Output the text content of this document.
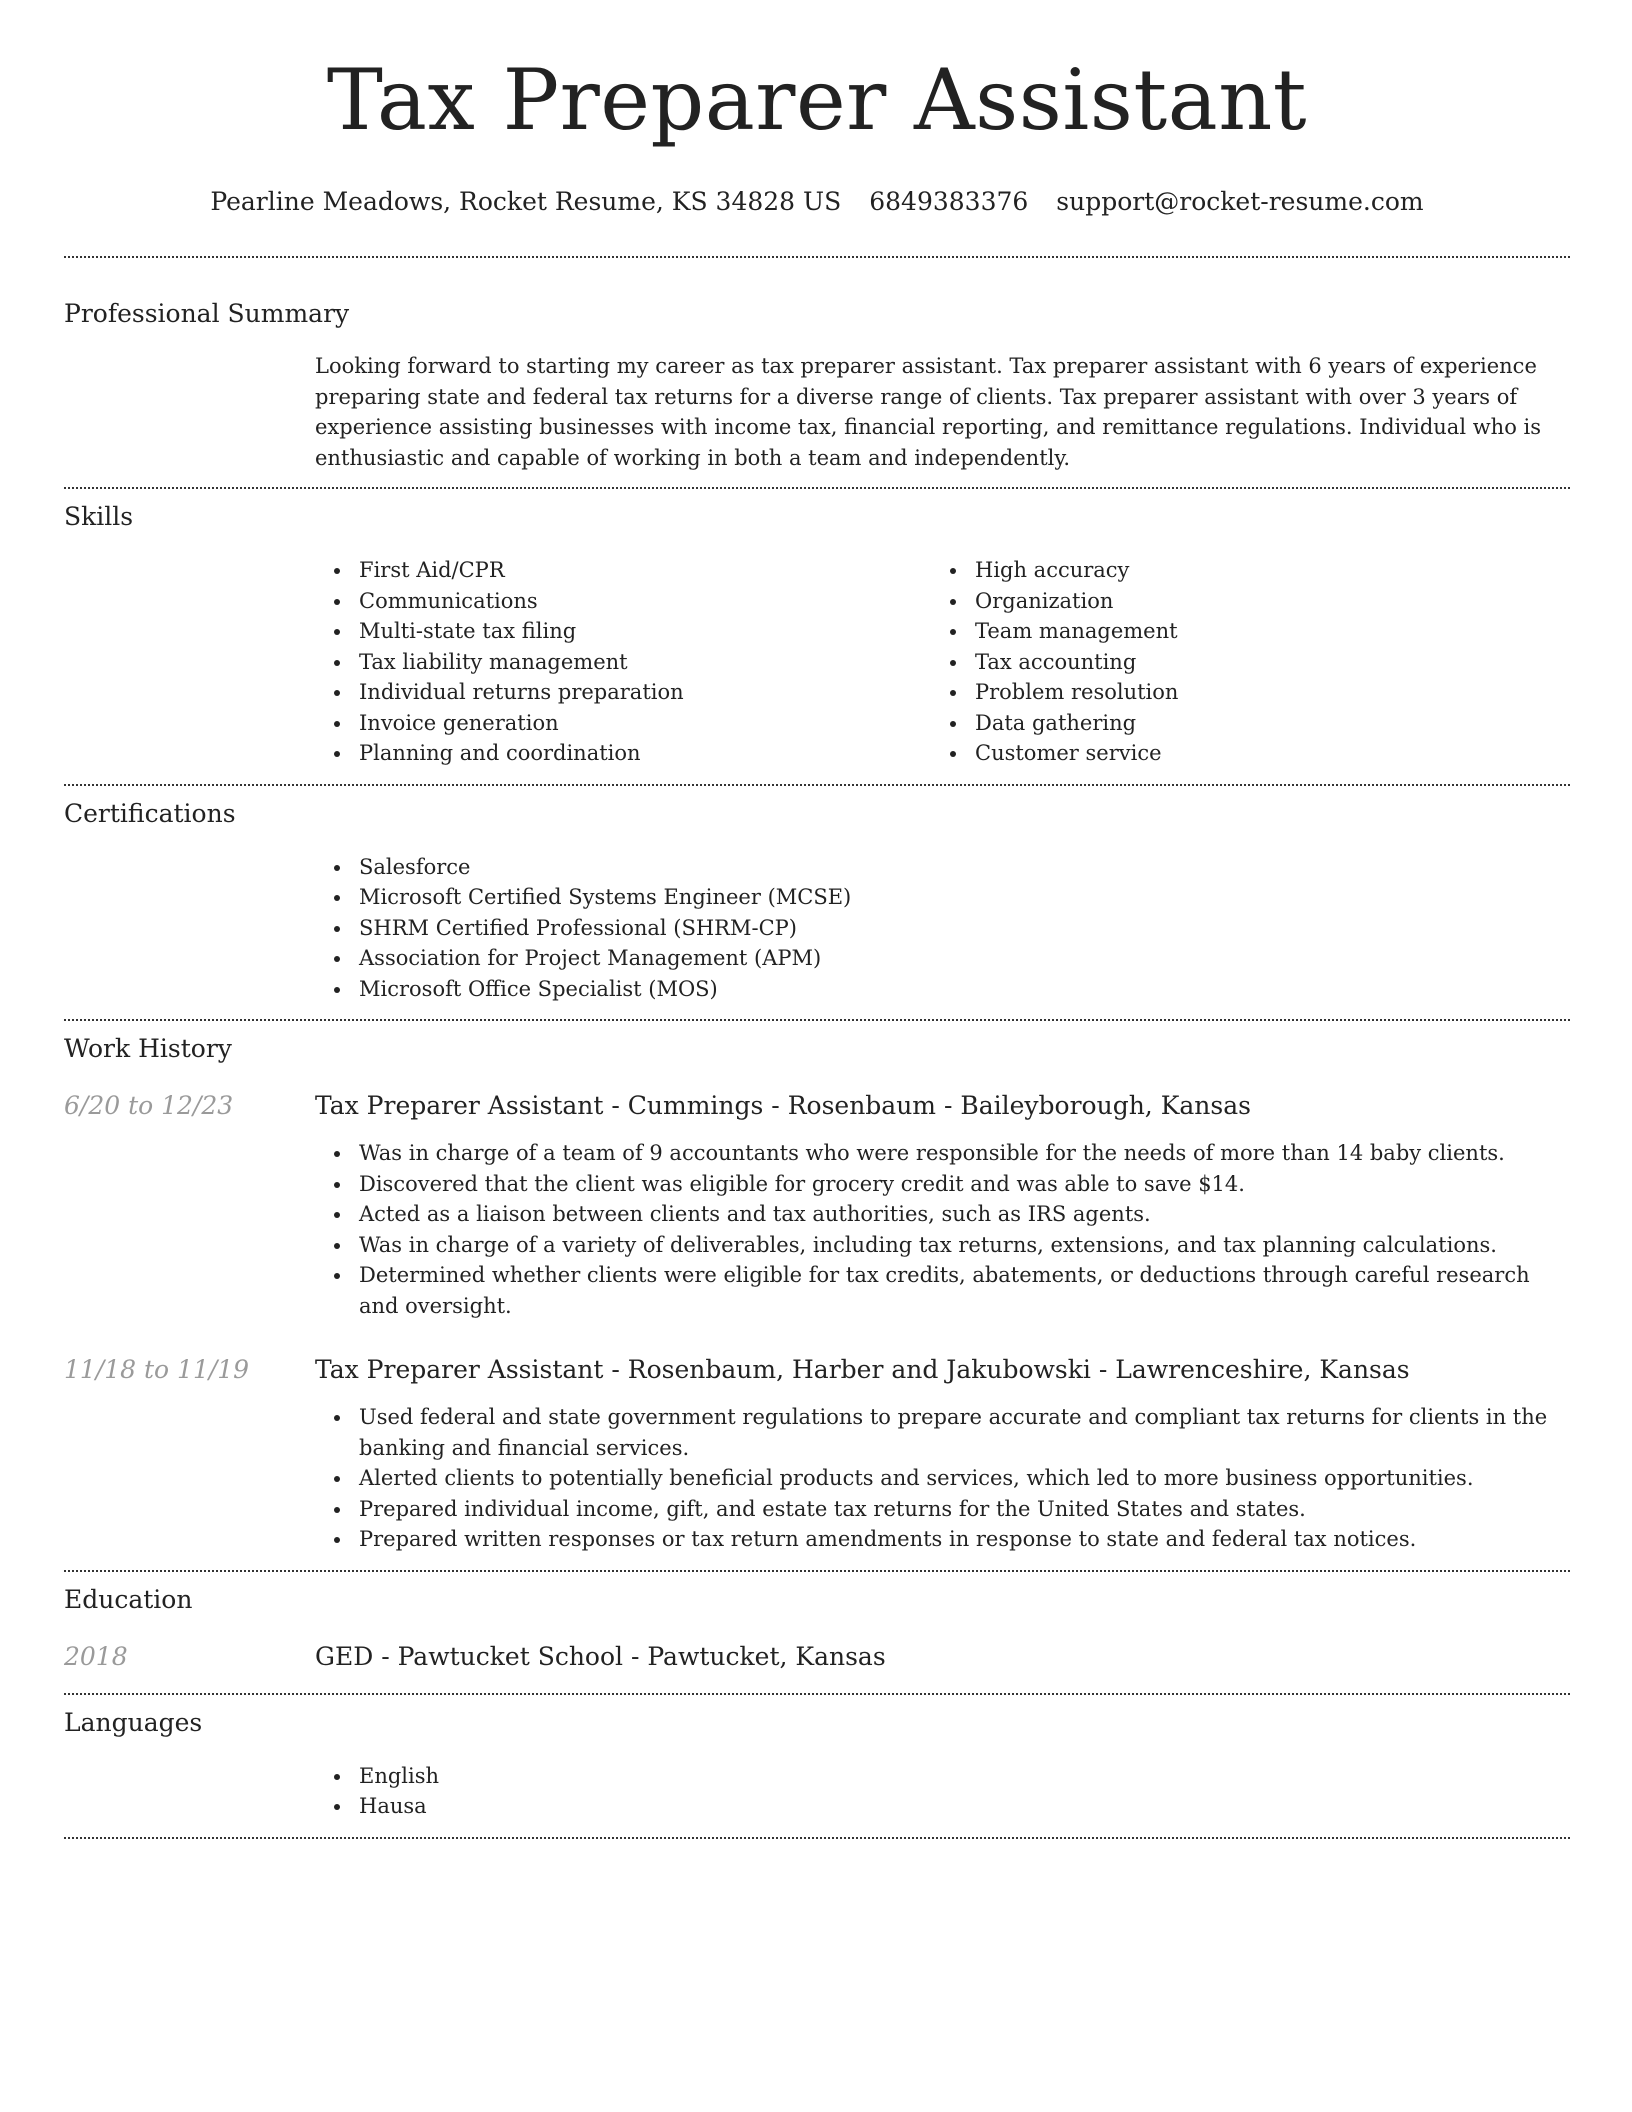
Tax Preparer Assistant
Pearline Meadows, Rocket Resume, KS 34828 US 6849383376 support@rocket-resume.com
Professional Summary

Looking forward to starting my career as tax preparer assistant. Tax preparer assistant with 6 years of experience preparing state and federal tax returns for a diverse range of clients. Tax preparer assistant with over 3 years of experience assisting businesses with income tax, financial reporting, and remittance regulations. Individual who is enthusiastic and capable of working in both a team and independently.

Skills
First Aid/CPR
Communications
Multi-state tax filing
Tax liability management
Individual returns preparation
Invoice generation
Planning and coordination
High accuracy
Organization
Team management
Tax accounting
Problem resolution
Data gathering
Customer service
Certifications
Salesforce
Microsoft Certified Systems Engineer (MCSE)
SHRM Certified Professional (SHRM-CP)
Association for Project Management (APM)
Microsoft Office Specialist (MOS)
Work History
6/20 to 12/23	Tax Preparer Assistant - Cummings - Rosenbaum - Baileyborough, Kansas
Was in charge of a team of 9 accountants who were responsible for the needs of more than 14 baby clients.
Discovered that the client was eligible for grocery credit and was able to save $14.
Acted as a liaison between clients and tax authorities, such as IRS agents.
Was in charge of a variety of deliverables, including tax returns, extensions, and tax planning calculations.
Determined whether clients were eligible for tax credits, abatements, or deductions through careful research and oversight.
11/18 to 11/19	Tax Preparer Assistant - Rosenbaum, Harber and Jakubowski - Lawrenceshire, Kansas
Used federal and state government regulations to prepare accurate and compliant tax returns for clients in the banking and financial services.
Alerted clients to potentially beneficial products and services, which led to more business opportunities.
Prepared individual income, gift, and estate tax returns for the United States and states.
Prepared written responses or tax return amendments in response to state and federal tax notices.
Education
2018	GED - Pawtucket School - Pawtucket, Kansas
Languages
English
Hausa
